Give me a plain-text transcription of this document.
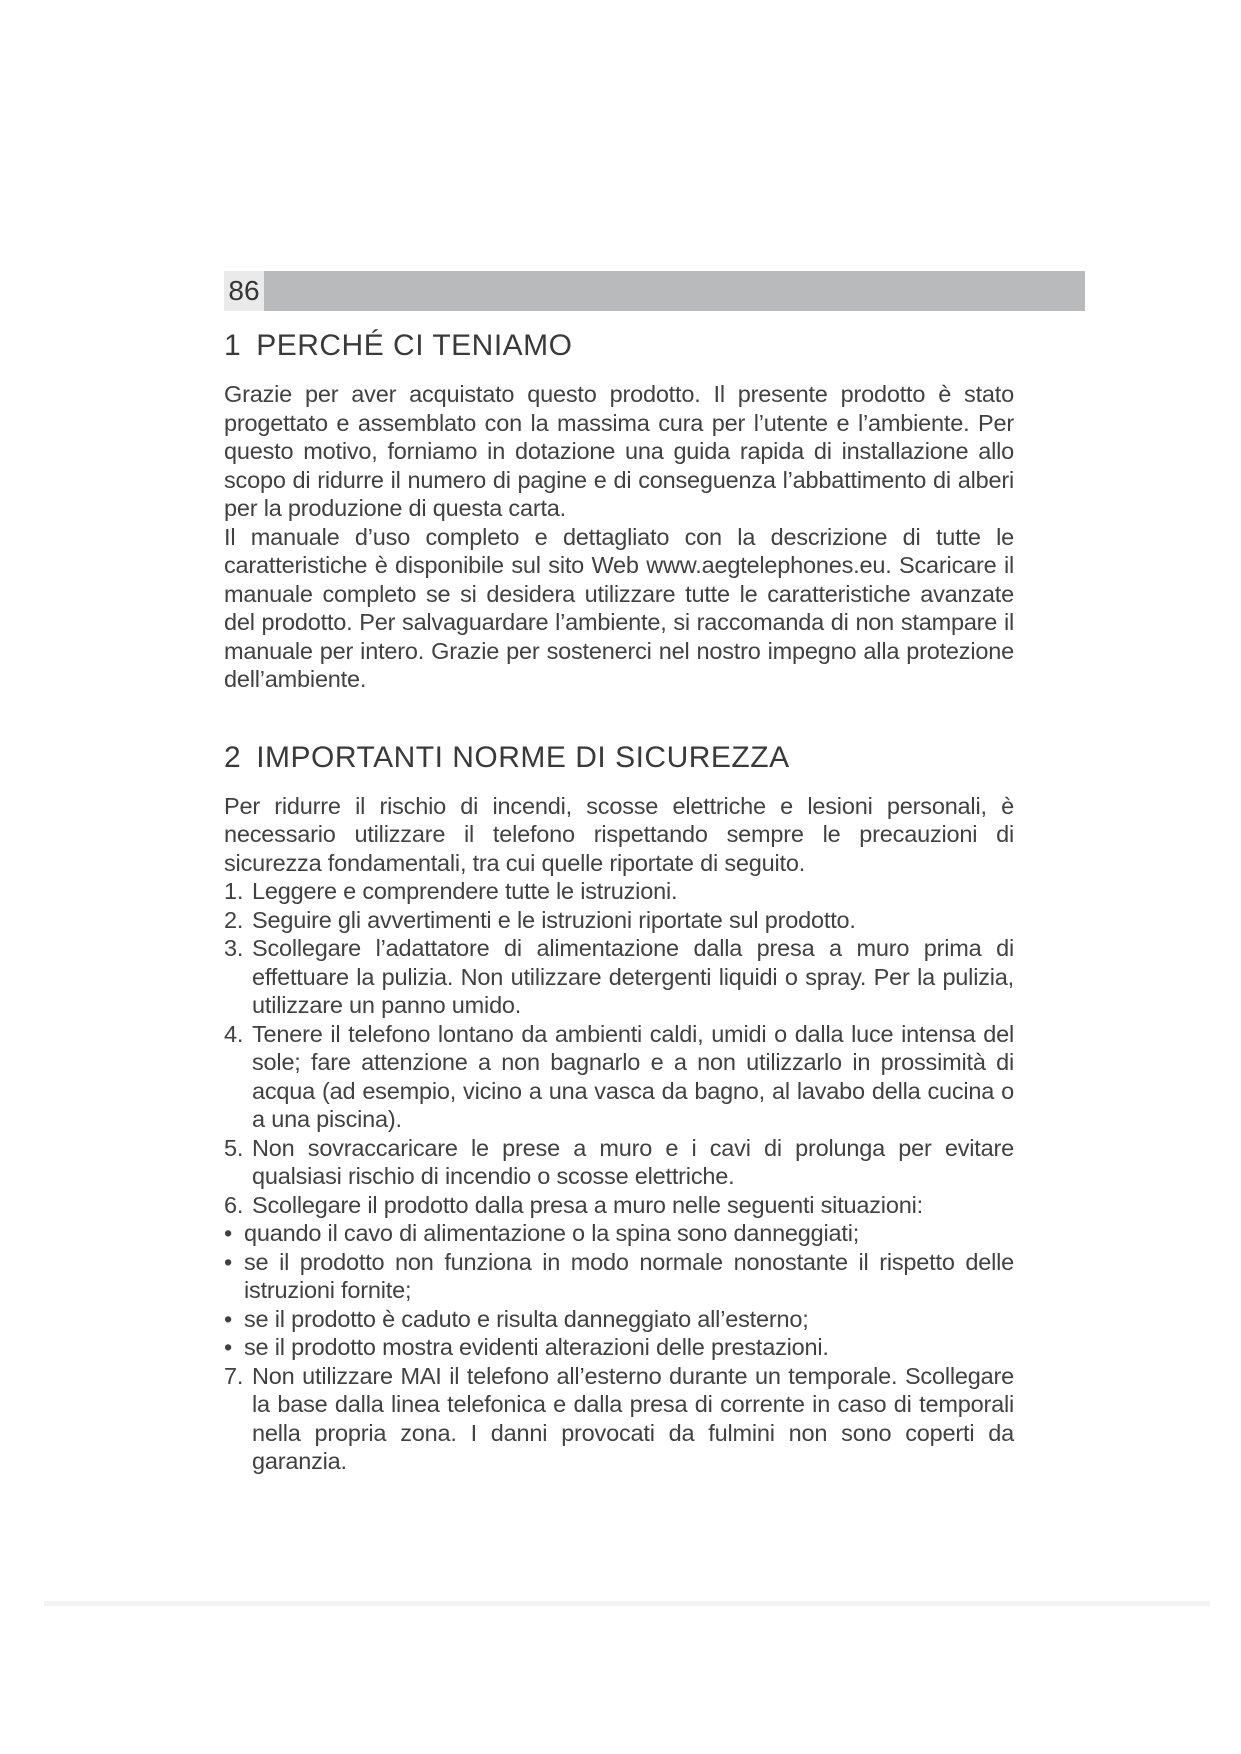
86
1 PERCHÉ CI TENIAMO

Grazie per aver acquistato questo prodotto. Il presente prodotto è stato progettato e assemblato con la massima cura per l’utente e l’ambiente. Per questo motivo, forniamo in dotazione una guida rapida di installazione allo scopo di ridurre il numero di pagine e di conseguenza l’abbattimento di alberi per la produzione di questa carta.

Il manuale d’uso completo e dettagliato con la descrizione di tutte le caratteristiche è disponibile sul sito Web www.aegtelephones.eu. Scaricare il manuale completo se si desidera utilizzare tutte le caratteristiche avanzate del prodotto. Per salvaguardare l’ambiente, si raccomanda di non stampare il manuale per intero. Grazie per sostenerci nel nostro impegno alla protezione dell’ambiente.

2 IMPORTANTI NORME DI SICUREZZA

Per ridurre il rischio di incendi, scosse elettriche e lesioni personali, è necessario utilizzare il telefono rispettando sempre le precauzioni di sicurezza fondamentali, tra cui quelle riportate di seguito.

1. Leggere e comprendere tutte le istruzioni.
2. Seguire gli avvertimenti e le istruzioni riportate sul prodotto.
3. Scollegare l’adattatore di alimentazione dalla presa a muro prima di effettuare la pulizia. Non utilizzare detergenti liquidi o spray. Per la pulizia, utilizzare un panno umido.
4. Tenere il telefono lontano da ambienti caldi, umidi o dalla luce intensa del sole; fare attenzione a non bagnarlo e a non utilizzarlo in prossimità di acqua (ad esempio, vicino a una vasca da bagno, al lavabo della cucina o a una piscina).
5. Non sovraccaricare le prese a muro e i cavi di prolunga per evitare qualsiasi rischio di incendio o scosse elettriche.
6. Scollegare il prodotto dalla presa a muro nelle seguenti situazioni:
• quando il cavo di alimentazione o la spina sono danneggiati;
• se il prodotto non funziona in modo normale nonostante il rispetto delle istruzioni fornite;
• se il prodotto è caduto e risulta danneggiato all’esterno;
• se il prodotto mostra evidenti alterazioni delle prestazioni.
7. Non utilizzare MAI il telefono all’esterno durante un temporale. Scollegare la base dalla linea telefonica e dalla presa di corrente in caso di temporali nella propria zona. I danni provocati da fulmini non sono coperti da garanzia.
